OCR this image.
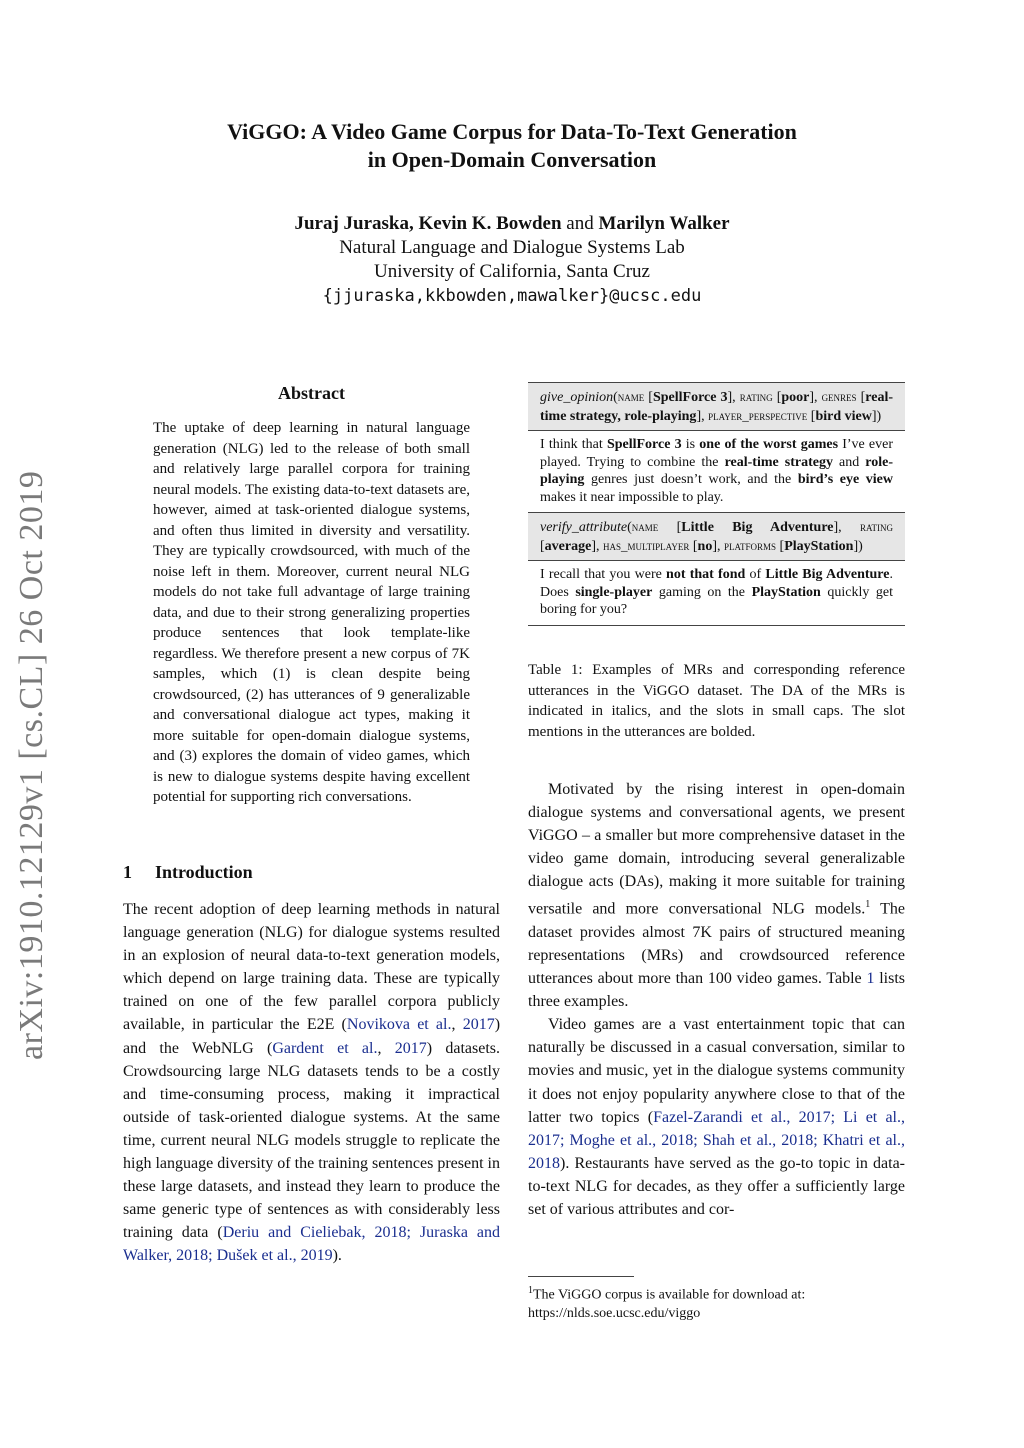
arXiv:1910.12129v1 [cs.CL] 26 Oct 2019
ViGGO: A Video Game Corpus for Data-To-Text Generation
in Open-Domain Conversation
Juraj Juraska, Kevin K. Bowden and Marilyn Walker
Natural Language and Dialogue Systems Lab
University of California, Santa Cruz
{jjuraska,kkbowden,mawalker}@ucsc.edu
Abstract
The uptake of deep learning in natural language generation (NLG) led to the release of both small and relatively large parallel corpora for training neural models. The existing data-to-text datasets are, however, aimed at task-oriented dialogue systems, and often thus limited in diversity and versatility. They are typically crowdsourced, with much of the noise left in them. Moreover, current neural NLG models do not take full advantage of large training data, and due to their strong generalizing properties produce sentences that look template-like regardless. We therefore present a new corpus of 7K samples, which (1) is clean despite being crowdsourced, (2) has utterances of 9 generalizable and conversational dialogue act types, making it more suitable for open-domain dialogue systems, and (3) explores the domain of video games, which is new to dialogue systems despite having excellent potential for supporting rich conversations.
1 Introduction

The recent adoption of deep learning methods in natural language generation (NLG) for dialogue systems resulted in an explosion of neural data-to-text generation models, which depend on large training data. These are typically trained on one of the few parallel corpora publicly available, in particular the E2E (Novikova et al., 2017) and the WebNLG (Gardent et al., 2017) datasets. Crowdsourcing large NLG datasets tends to be a costly and time-consuming process, making it impractical outside of task-oriented dialogue systems. At the same time, current neural NLG models struggle to replicate the high language diversity of the training sentences present in these large datasets, and instead they learn to produce the same generic type of sentences as with considerably less training data (Deriu and Cieliebak, 2018; Juraska and Walker, 2018; Dušek et al., 2019).

give_opinion(name [SpellForce 3], rating [poor], genres [real-time strategy, role-playing], player_perspective [bird view])
I think that SpellForce 3 is one of the worst games I’ve ever played. Trying to combine the real-time strategy and role-playing genres just doesn’t work, and the bird’s eye view makes it near impossible to play.
verify_attribute(name [Little Big Adventure], rating [average], has_multiplayer [no], platforms [PlayStation])
I recall that you were not that fond of Little Big Adventure. Does single-player gaming on the PlayStation quickly get boring for you?
Table 1: Examples of MRs and corresponding reference utterances in the ViGGO dataset. The DA of the MRs is indicated in italics, and the slots in small caps. The slot mentions in the utterances are bolded.

Motivated by the rising interest in open-domain dialogue systems and conversational agents, we present ViGGO – a smaller but more comprehensive dataset in the video game domain, introducing several generalizable dialogue acts (DAs), making it more suitable for training versatile and more conversational NLG models.$^1$ The dataset provides almost 7K pairs of structured meaning representations (MRs) and crowdsourced reference utterances about more than 100 video games. Table 1 lists three examples.

Video games are a vast entertainment topic that can naturally be discussed in a casual conversation, similar to movies and music, yet in the dialogue systems community it does not enjoy popularity anywhere close to that of the latter two topics (Fazel-Zarandi et al., 2017; Li et al., 2017; Moghe et al., 2018; Shah et al., 2018; Khatri et al., 2018). Restaurants have served as the go-to topic in data-to-text NLG for decades, as they offer a sufficiently large set of various attributes and cor-

$^1$The ViGGO corpus is available for download at: https://nlds.soe.ucsc.edu/viggo
